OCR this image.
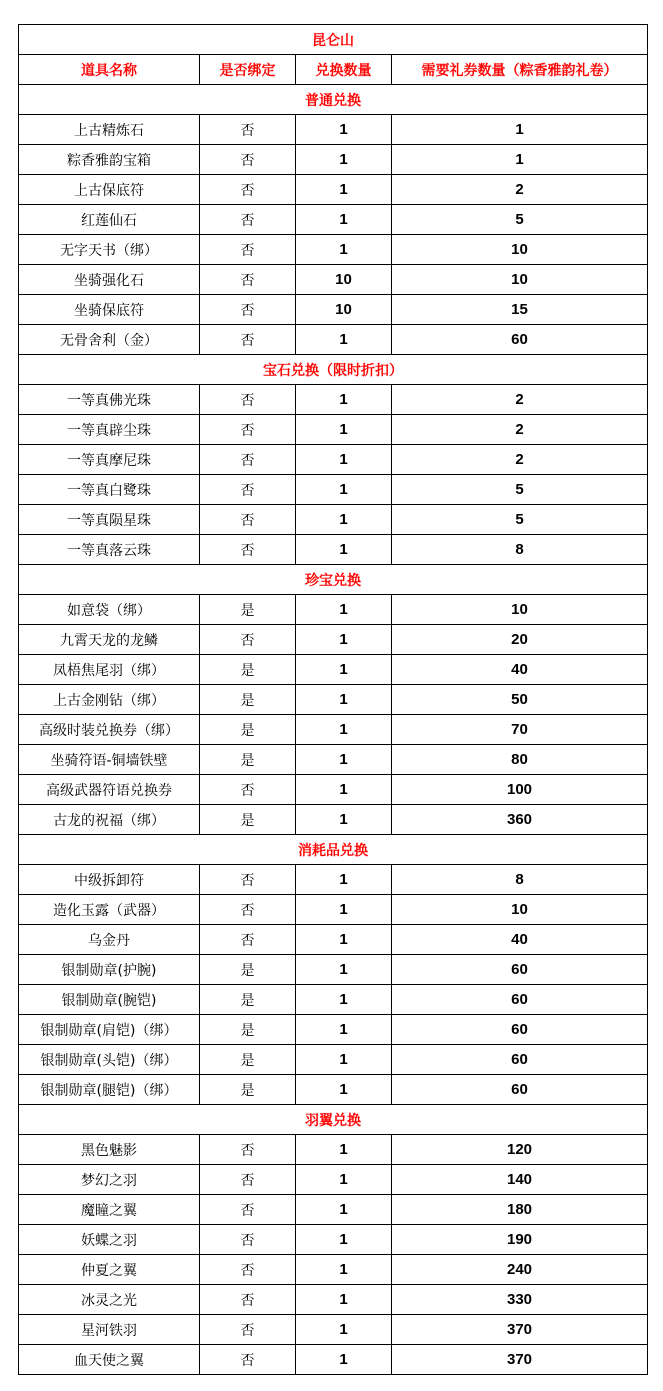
昆仑山			
道具名称	是否绑定	兑换数量	需要礼券数量（粽香雅韵礼卷）
普通兑换			
上古精炼石	否	1	1
粽香雅韵宝箱	否	1	1
上古保底符	否	1	2
红莲仙石	否	1	5
无字天书（绑）	否	1	10
坐骑强化石	否	10	10
坐骑保底符	否	10	15
无骨舍利（金）	否	1	60
宝石兑换（限时折扣）			
一等真佛光珠	否	1	2
一等真辟尘珠	否	1	2
一等真摩尼珠	否	1	2
一等真白鹭珠	否	1	5
一等真陨星珠	否	1	5
一等真落云珠	否	1	8
珍宝兑换			
如意袋（绑）	是	1	10
九霄天龙的龙鳞	否	1	20
凤梧焦尾羽（绑）	是	1	40
上古金刚钻（绑）	是	1	50
高级时装兑换券（绑）	是	1	70
坐骑符语-铜墙铁壁	是	1	80
高级武器符语兑换券	否	1	100
古龙的祝福（绑）	是	1	360
消耗品兑换			
中级拆卸符	否	1	8
造化玉露（武器）	否	1	10
乌金丹	否	1	40
银制勋章(护腕)	是	1	60
银制勋章(腕铠)	是	1	60
银制勋章(肩铠)（绑）	是	1	60
银制勋章(头铠)（绑）	是	1	60
银制勋章(腿铠)（绑）	是	1	60
羽翼兑换			
黑色魅影	否	1	120
梦幻之羽	否	1	140
魔瞳之翼	否	1	180
妖蝶之羽	否	1	190
仲夏之翼	否	1	240
冰灵之光	否	1	330
星河铁羽	否	1	370
血天使之翼	否	1	370
